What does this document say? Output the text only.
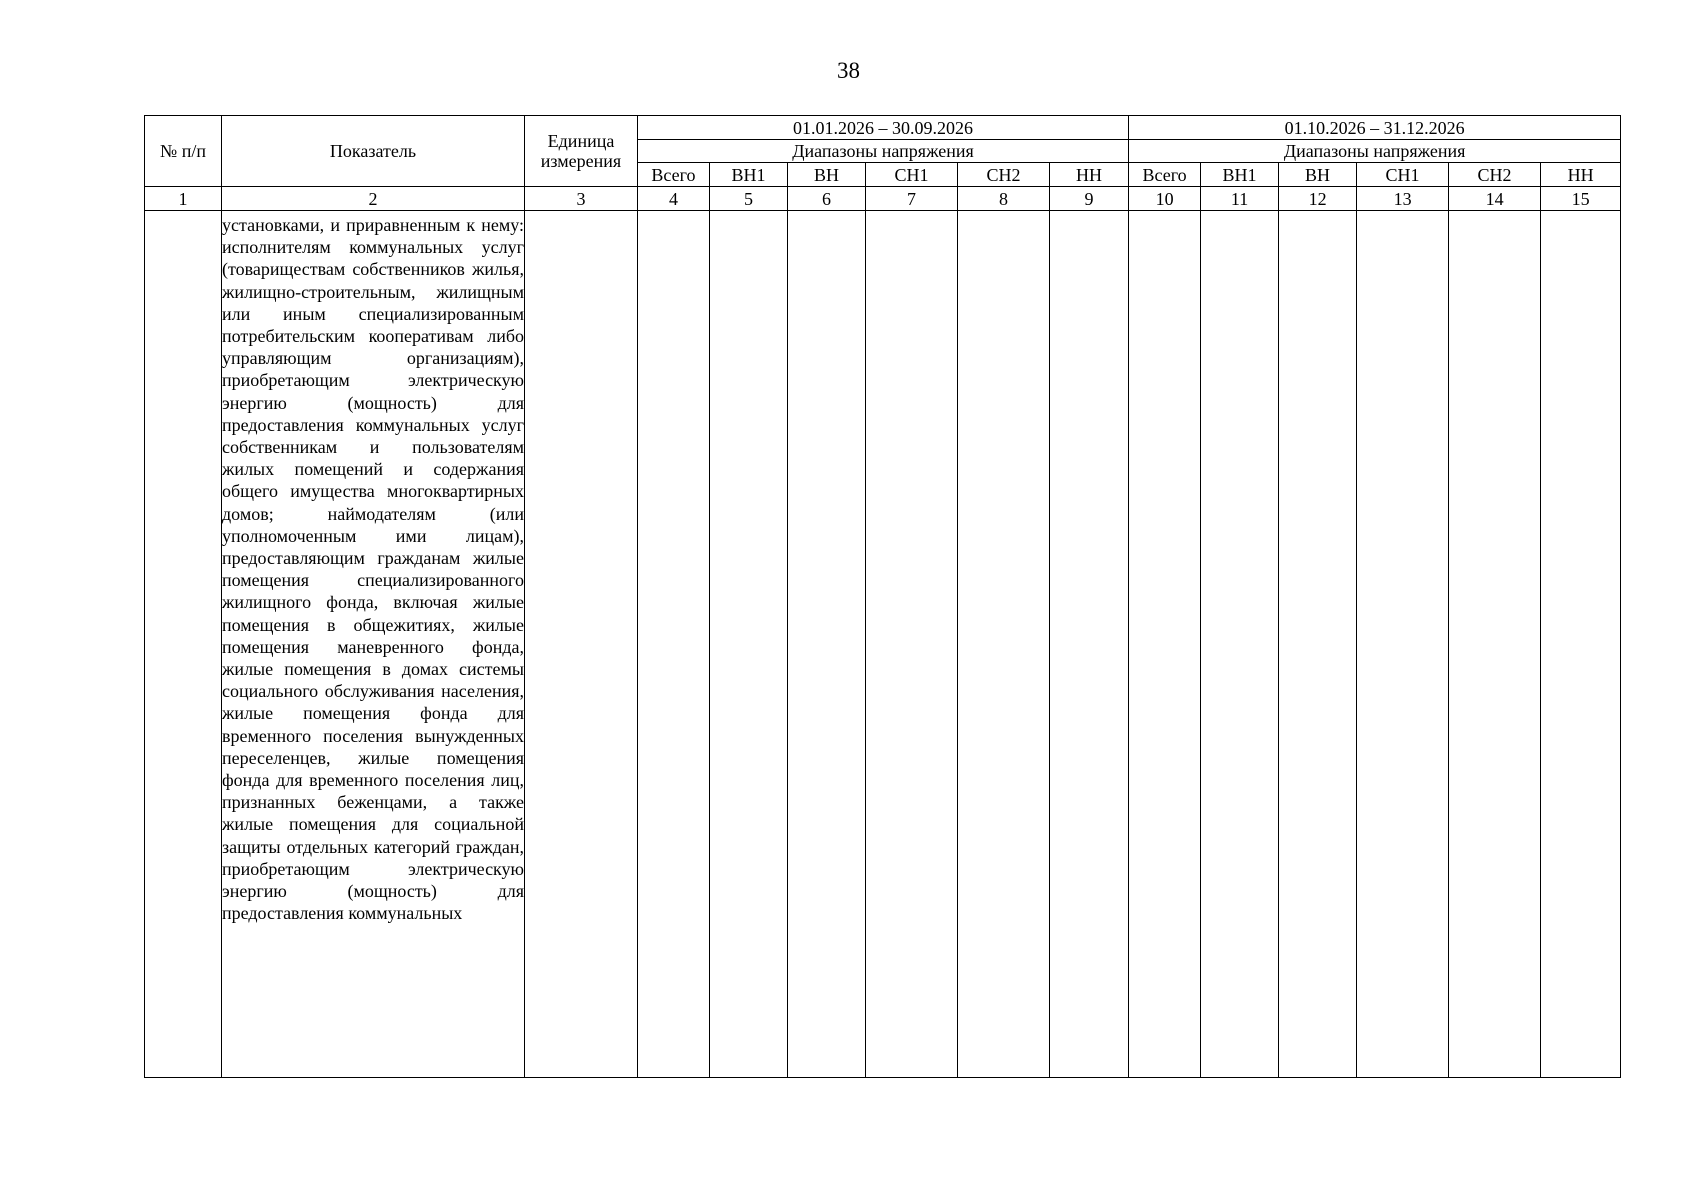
38
№ п/п	Показатель	Единица измерения	01.01.2026 – 30.09.2026						01.10.2026 – 31.12.2026					
			Диапазоны напряжения						Диапазоны напряжения					
			Всего	ВН1	ВН	СН1	СН2	НН	Всего	ВН1	ВН	СН1	СН2	НН
1	2	3	4	5	6	7	8	9	10	11	12	13	14	15

	установками, и приравненным к нему: исполнителям коммунальных услуг (товариществам собственников жилья, жилищно-строительным, жилищным или иным специализированным потребительским кооперативам либо управляющим организациям), приобретающим электрическую энергию (мощность) для предоставления коммунальных услуг собственникам и пользователям жилых помещений и содержания общего имущества многоквартирных домов; наймодателям (или уполномоченным ими лицам), предоставляющим гражданам жилые помещения специализированного жилищного фонда, включая жилые помещения в общежитиях, жилые помещения маневренного фонда, жилые помещения в домах системы социального обслуживания населения, жилые помещения фонда для временного поселения вынужденных переселенцев, жилые помещения фонда для временного поселения лиц, признанных беженцами, а также жилые помещения для социальной защиты отдельных категорий граждан, приобретающим электрическую энергию (мощность) для предоставления коммунальных													
